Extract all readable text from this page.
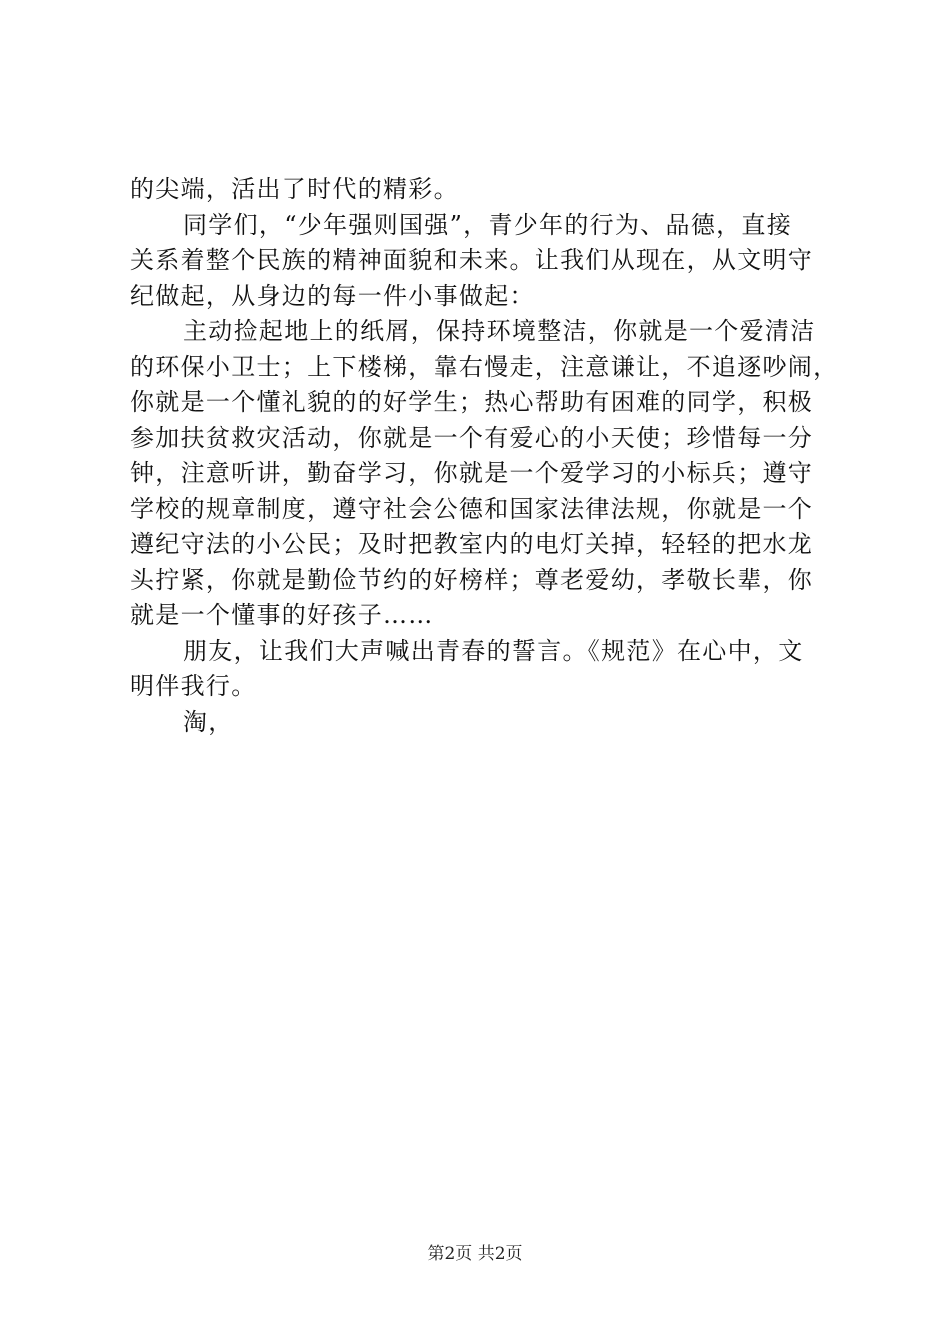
的尖端，活出了时代的精彩。
同学们，“少年强则国强”，青少年的行为、品德，直接
关系着整个民族的精神面貌和未来。让我们从现在，从文明守
纪做起，从身边的每一件小事做起：
主动捡起地上的纸屑，保持环境整洁，你就是一个爱清洁
的环保小卫士；上下楼梯，靠右慢走，注意谦让，不追逐吵闹，
你就是一个懂礼貌的的好学生；热心帮助有困难的同学，积极
参加扶贫救灾活动，你就是一个有爱心的小天使；珍惜每一分
钟，注意听讲，勤奋学习，你就是一个爱学习的小标兵；遵守
学校的规章制度，遵守社会公德和国家法律法规，你就是一个
遵纪守法的小公民；及时把教室内的电灯关掉，轻轻的把水龙
头拧紧，你就是勤俭节约的好榜样；尊老爱幼，孝敬长辈，你
就是一个懂事的好孩子……
朋友，让我们大声喊出青春的誓言。《规范》在心中，文
明伴我行。
淘，
第2页 共2页
